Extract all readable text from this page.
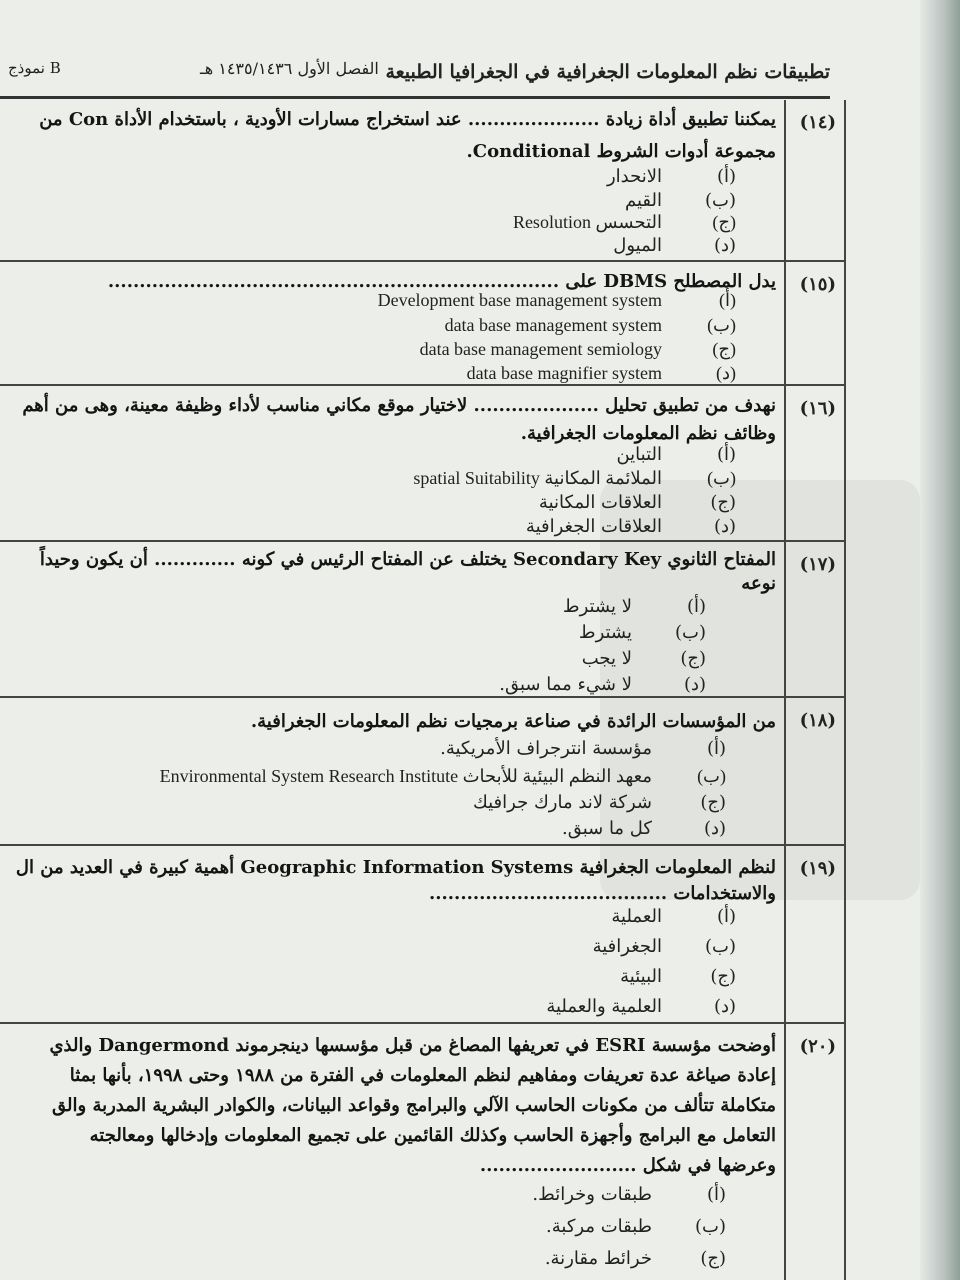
تطبيقات نظم المعلومات الجغرافية في الجغرافيا الطبيعة
الفصل الأول ١٤٣٥/١٤٣٦ هـ
نموذج B
(١٤)
يمكننا تطبيق أداة زيادة ..................... عند استخراج مسارات الأودية ، باستخدام الأداة Con من
مجموعة أدوات الشروط Conditional.
(أ)الانحدار
(ب)القيم
(ج)التحسس Resolution
(د)الميول
(١٥)
يدل المصطلح DBMS على ........................................................................
(أ)Development base management system
(ب)data base management system
(ج)data base management semiology
(د)data base magnifier system
(١٦)
نهدف من تطبيق تحليل .................... لاختيار موقع مكاني مناسب لأداء وظيفة معينة، وهى من أهم
وظائف نظم المعلومات الجغرافية.
(أ)التباين
(ب)الملائمة المكانية spatial Suitability
(ج)العلاقات المكانية
(د)العلاقات الجغرافية
(١٧)
المفتاح الثانوي Secondary Key يختلف عن المفتاح الرئيس في كونه ............. أن يكون وحيداً
نوعه
(أ)لا يشترط
(ب)يشترط
(ج)لا يجب
(د)لا شيء مما سبق.
(١٨)
من المؤسسات الرائدة في صناعة برمجيات نظم المعلومات الجغرافية.
(أ)مؤسسة انترجراف الأمريكية.
(ب)معهد النظم البيئية للأبحاث Environmental System Research Institute
(ج)شركة لاند مارك جرافيك
(د)كل ما سبق.
(١٩)
لنظم المعلومات الجغرافية Geographic Information Systems أهمية كبيرة في العديد من ال
والاستخدامات ......................................
(أ)العملية
(ب)الجغرافية
(ج)البيئية
(د)العلمية والعملية
(٢٠)
أوضحت مؤسسة ESRI في تعريفها المصاغ من قبل مؤسسها دينجرموند Dangermond والذي
إعادة صياغة عدة تعريفات ومفاهيم لنظم المعلومات في الفترة من ١٩٨٨ وحتى ١٩٩٨، بأنها بمثا
متكاملة تتألف من مكونات الحاسب الآلي والبرامج وقواعد البيانات، والكوادر البشرية المدربة والق
التعامل مع البرامج وأجهزة الحاسب وكذلك القائمين على تجميع المعلومات وإدخالها ومعالجته
وعرضها في شكل .........................
(أ)طبقات وخرائط.
(ب)طبقات مركبة.
(ج)خرائط مقارنة.
